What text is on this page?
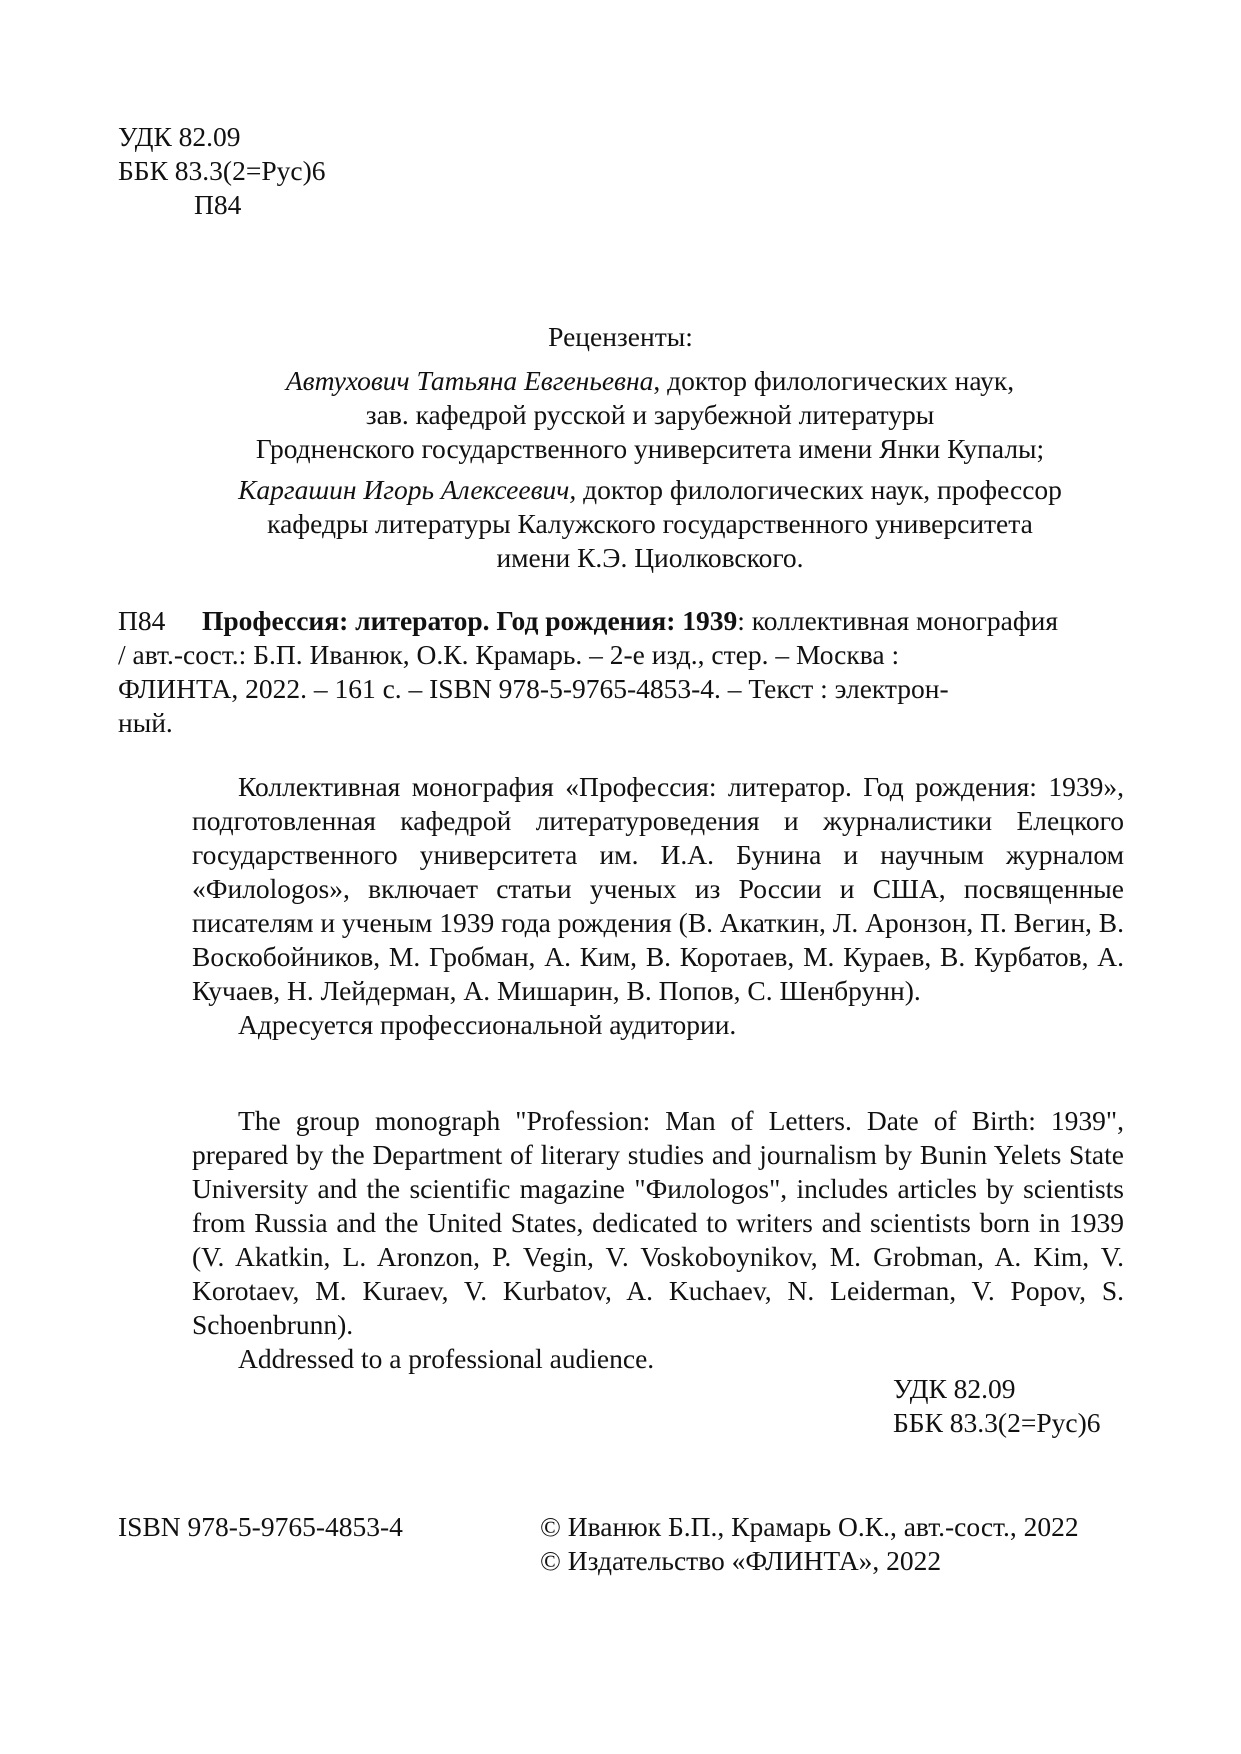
УДК 82.09
ББК 83.3(2=Рус)6
П84
Рецензенты:
Автухович Татьяна Евгеньевна, доктор филологических наук,
зав. кафедрой русской и зарубежной литературы
Гродненского государственного университета имени Янки Купалы;
Каргашин Игорь Алексеевич, доктор филологических наук, профессор
кафедры литературы Калужского государственного университета
имени К.Э. Циолковского.
П84 Профессия: литератор. Год рождения: 1939: коллективная монография
/ авт.-сост.: Б.П. Иванюк, О.К. Крамарь. – 2-е изд., стер. – Москва :
ФЛИНТА, 2022. – 161 с. – ISBN 978-5-9765-4853-4. – Текст : электрон-
ный.
Коллективная монография «Профессия: литератор. Год рождения: 1939», подготовленная кафедрой литературоведения и журналистики Елецкого государственного университета им. И.А. Бунина и научным журналом «Филоlogos», включает статьи ученых из России и США, посвященные писателям и ученым 1939 года рождения (В. Акаткин, Л. Аронзон, П. Вегин, В. Воскобойников, М. Гробман, А. Ким, В. Коротаев, М. Кураев, В. Курбатов, А. Кучаев, Н. Лейдерман, А. Мишарин, В. Попов, С. Шенбрунн).
Адресуется профессиональной аудитории.
The group monograph "Profession: Man of Letters. Date of Birth: 1939", prepared by the Department of literary studies and journalism by Bunin Yelets State University and the scientific magazine "Филоlogos", includes articles by scientists from Russia and the United States, dedicated to writers and scientists born in 1939 (V. Akatkin, L. Aronzon, P. Vegin, V. Voskoboynikov, M. Grobman, A. Kim, V. Korotaev, M. Kuraev, V. Kurbatov, A. Kuchaev, N. Leiderman, V. Popov, S. Schoenbrunn).
Addressed to a professional audience.
УДК 82.09
ББК 83.3(2=Рус)6
ISBN 978-5-9765-4853-4	© Иванюк Б.П., Крамарь О.К., авт.-сост., 2022
© Издательство «ФЛИНТА», 2022
